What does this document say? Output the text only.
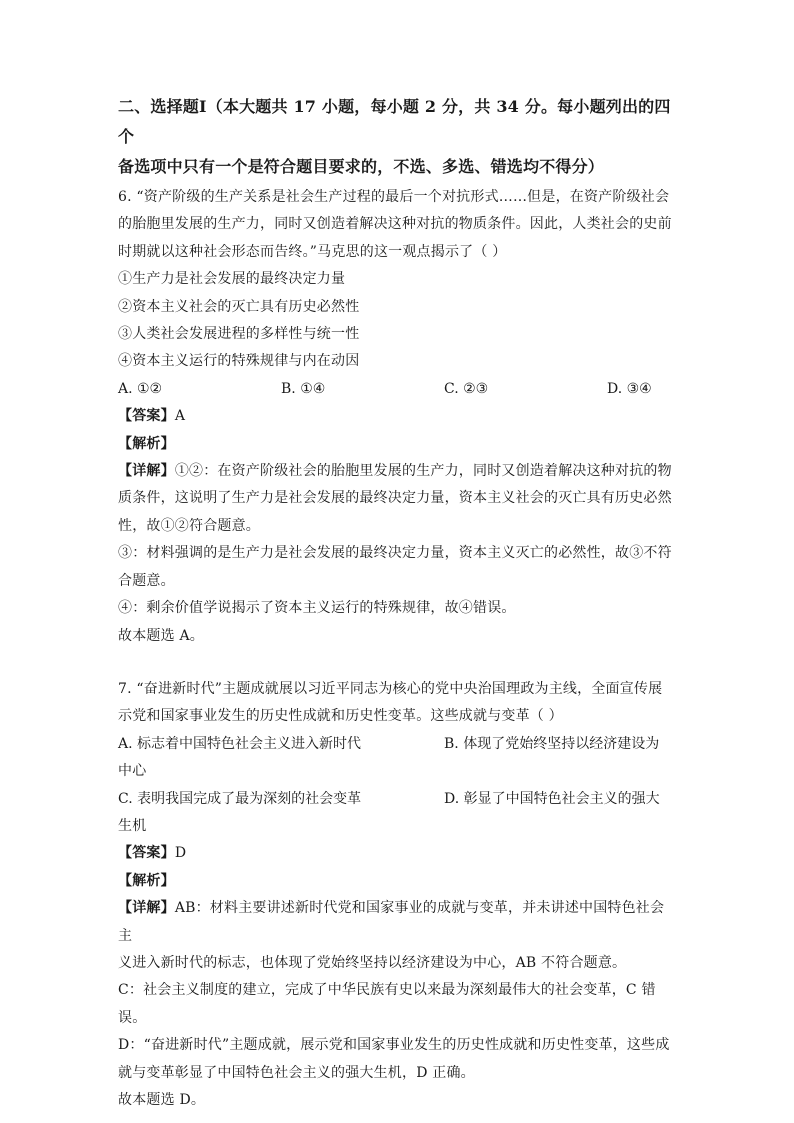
二、选择题Ⅰ（本大题共 17 小题，每小题 2 分，共 34 分。每小题列出的四个
备选项中只有一个是符合题目要求的，不选、多选、错选均不得分）

6. “资产阶级的生产关系是社会生产过程的最后一个对抗形式……但是，在资产阶级社会

的胎胞里发展的生产力，同时又创造着解决这种对抗的物质条件。因此，人类社会的史前

时期就以这种社会形态而告终。”马克思的这一观点揭示了（ ）

①生产力是社会发展的最终决定力量

②资本主义社会的灭亡具有历史必然性

③人类社会发展进程的多样性与统一性

④资本主义运行的特殊规律与内在动因

A. ①②	B. ①④	C. ②③	D. ③④

【答案】A

【解析】

【详解】①②：在资产阶级社会的胎胞里发展的生产力，同时又创造着解决这种对抗的物

质条件，这说明了生产力是社会发展的最终决定力量，资本主义社会的灭亡具有历史必然

性，故①②符合题意。

③：材料强调的是生产力是社会发展的最终决定力量，资本主义灭亡的必然性，故③不符

合题意。

④：剩余价值学说揭示了资本主义运行的特殊规律，故④错误。

故本题选 A。

7. “奋进新时代”主题成就展以习近平同志为核心的党中央治国理政为主线，全面宣传展

示党和国家事业发生的历史性成就和历史性变革。这些成就与变革（ ）

A. 标志着中国特色社会主义进入新时代	B. 体现了党始终坚持以经济建设为

中心

C. 表明我国完成了最为深刻的社会变革	D. 彰显了中国特色社会主义的强大

生机

【答案】D

【解析】

【详解】AB：材料主要讲述新时代党和国家事业的成就与变革，并未讲述中国特色社会主

义进入新时代的标志，也体现了党始终坚持以经济建设为中心，AB 不符合题意。

C：社会主义制度的建立，完成了中华民族有史以来最为深刻最伟大的社会变革，C 错误。

D：“奋进新时代”主题成就，展示党和国家事业发生的历史性成就和历史性变革，这些成

就与变革彰显了中国特色社会主义的强大生机，D 正确。

故本题选 D。
